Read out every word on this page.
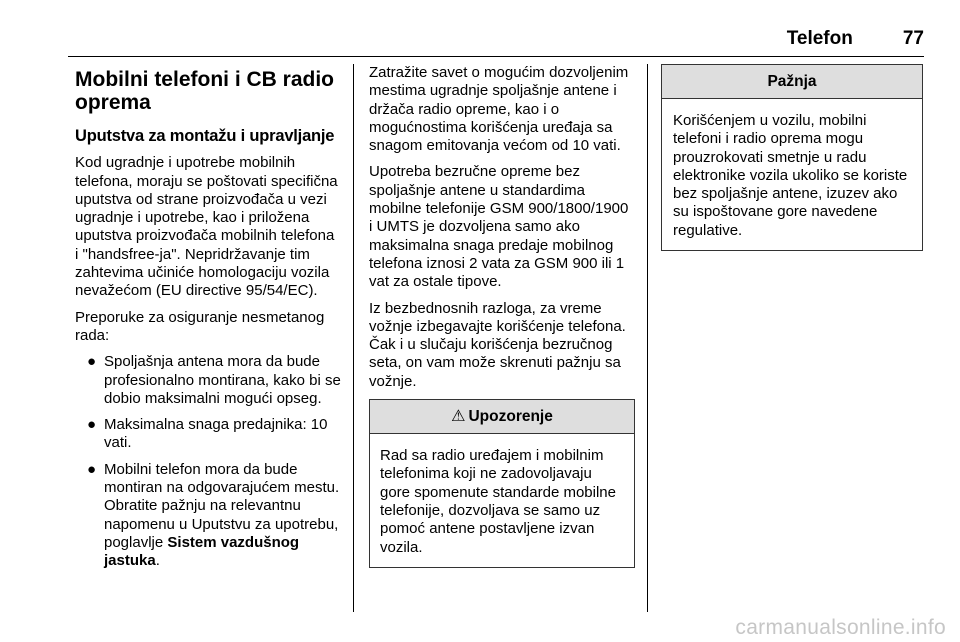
Telefon	77
Mobilni telefoni i CB radio oprema
Uputstva za montažu i upravljanje

Kod ugradnje i upotrebe mobilnih telefona, moraju se poštovati specifična uputstva od strane proizvođača u vezi ugradnje i upotrebe, kao i priložena uputstva proizvođača mobilnih telefona i "handsfree-ja". Nepridržavanje tim zahtevima učiniće homologaciju vozila nevažećom (EU directive 95/54/EC).

Preporuke za osiguranje nesmetanog rada:

● Spoljašnja antena mora da bude profesionalno montirana, kako bi se dobio maksimalni mogući opseg.
● Maksimalna snaga predajnika: 10 vati.
● Mobilni telefon mora da bude montiran na odgovarajućem mestu. Obratite pažnju na relevantnu napomenu u Uputstvu za upotrebu, poglavlje Sistem vazdušnog jastuka.

Zatražite savet o mogućim dozvoljenim mestima ugradnje spoljašnje antene i držača radio opreme, kao i o mogućnostima korišćenja uređaja sa snagom emitovanja većom od 10 vati.

Upotreba bezručne opreme bez spoljašnje antene u standardima mobilne telefonije GSM 900/1800/1900 i UMTS je dozvoljena samo ako maksimalna snaga predaje mobilnog telefona iznosi 2 vata za GSM 900 ili 1 vat za ostale tipove.

Iz bezbednosnih razloga, za vreme vožnje izbegavajte korišćenje telefona. Čak i u slučaju korišćenja bezručnog seta, on vam može skrenuti pažnju sa vožnje.

⚠ Upozorenje
Rad sa radio uređajem i mobilnim telefonima koji ne zadovoljavaju gore spomenute standarde mobilne telefonije, dozvoljava se samo uz pomoć antene postavljene izvan vozila.
Pažnja
Korišćenjem u vozilu, mobilni telefoni i radio oprema mogu prouzrokovati smetnje u radu elektronike vozila ukoliko se koriste bez spoljašnje antene, izuzev ako su ispoštovane gore navedene regulative.
carmanualsonline.info
